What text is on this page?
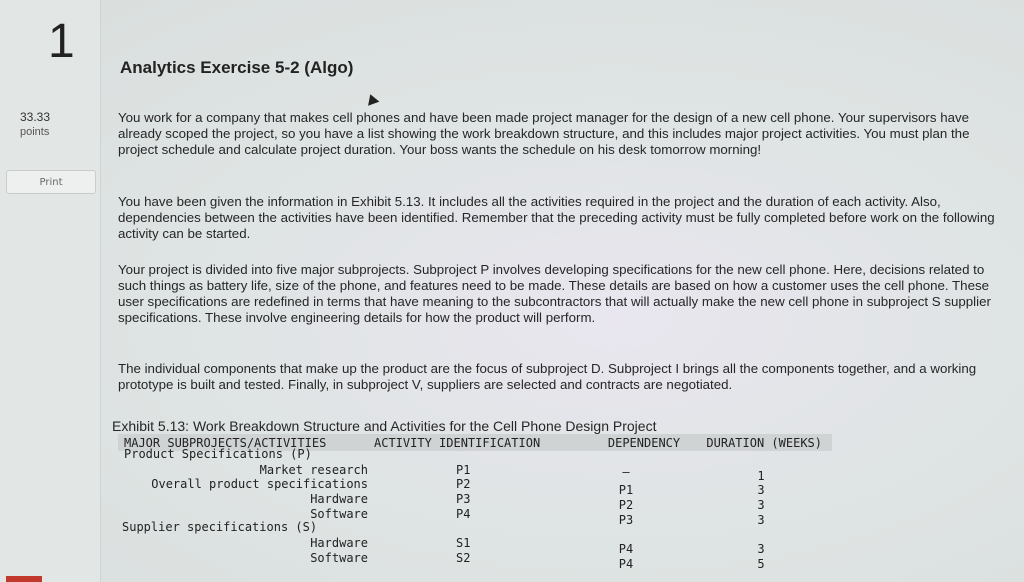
1
33.33
points
Print
Analytics Exercise 5-2 (Algo)
You work for a company that makes cell phones and have been made project manager for the design of a new cell phone. Your supervisors have already scoped the project, so you have a list showing the work breakdown structure, and this includes major project activities. You must plan the project schedule and calculate project duration. Your boss wants the schedule on his desk tomorrow morning!
You have been given the information in Exhibit 5.13. It includes all the activities required in the project and the duration of each activity. Also, dependencies between the activities have been identified. Remember that the preceding activity must be fully completed before work on the following activity can be started.
Your project is divided into five major subprojects. Subproject P involves developing specifications for the new cell phone. Here, decisions related to such things as battery life, size of the phone, and features need to be made. These details are based on how a customer uses the cell phone. These user specifications are redefined in terms that have meaning to the subcontractors that will actually make the new cell phone in subproject S supplier specifications. These involve engineering details for how the product will perform.
The individual components that make up the product are the focus of subproject D. Subproject I brings all the components together, and a working prototype is built and tested. Finally, in subproject V, suppliers are selected and contracts are negotiated.
Exhibit 5.13: Work Breakdown Structure and Activities for the Cell Phone Design Project
MAJOR SUBPROJECTS/ACTIVITIES	ACTIVITY IDENTIFICATION	DEPENDENCY	DURATION (WEEKS)
Product Specifications (P)
Market research	P1	–	1
Overall product specifications	P2	P1	3
Hardware	P3	P2	3
Software	P4	P3	3
Supplier specifications (S)
Hardware	S1	P4	3
Software	S2	P4	5
